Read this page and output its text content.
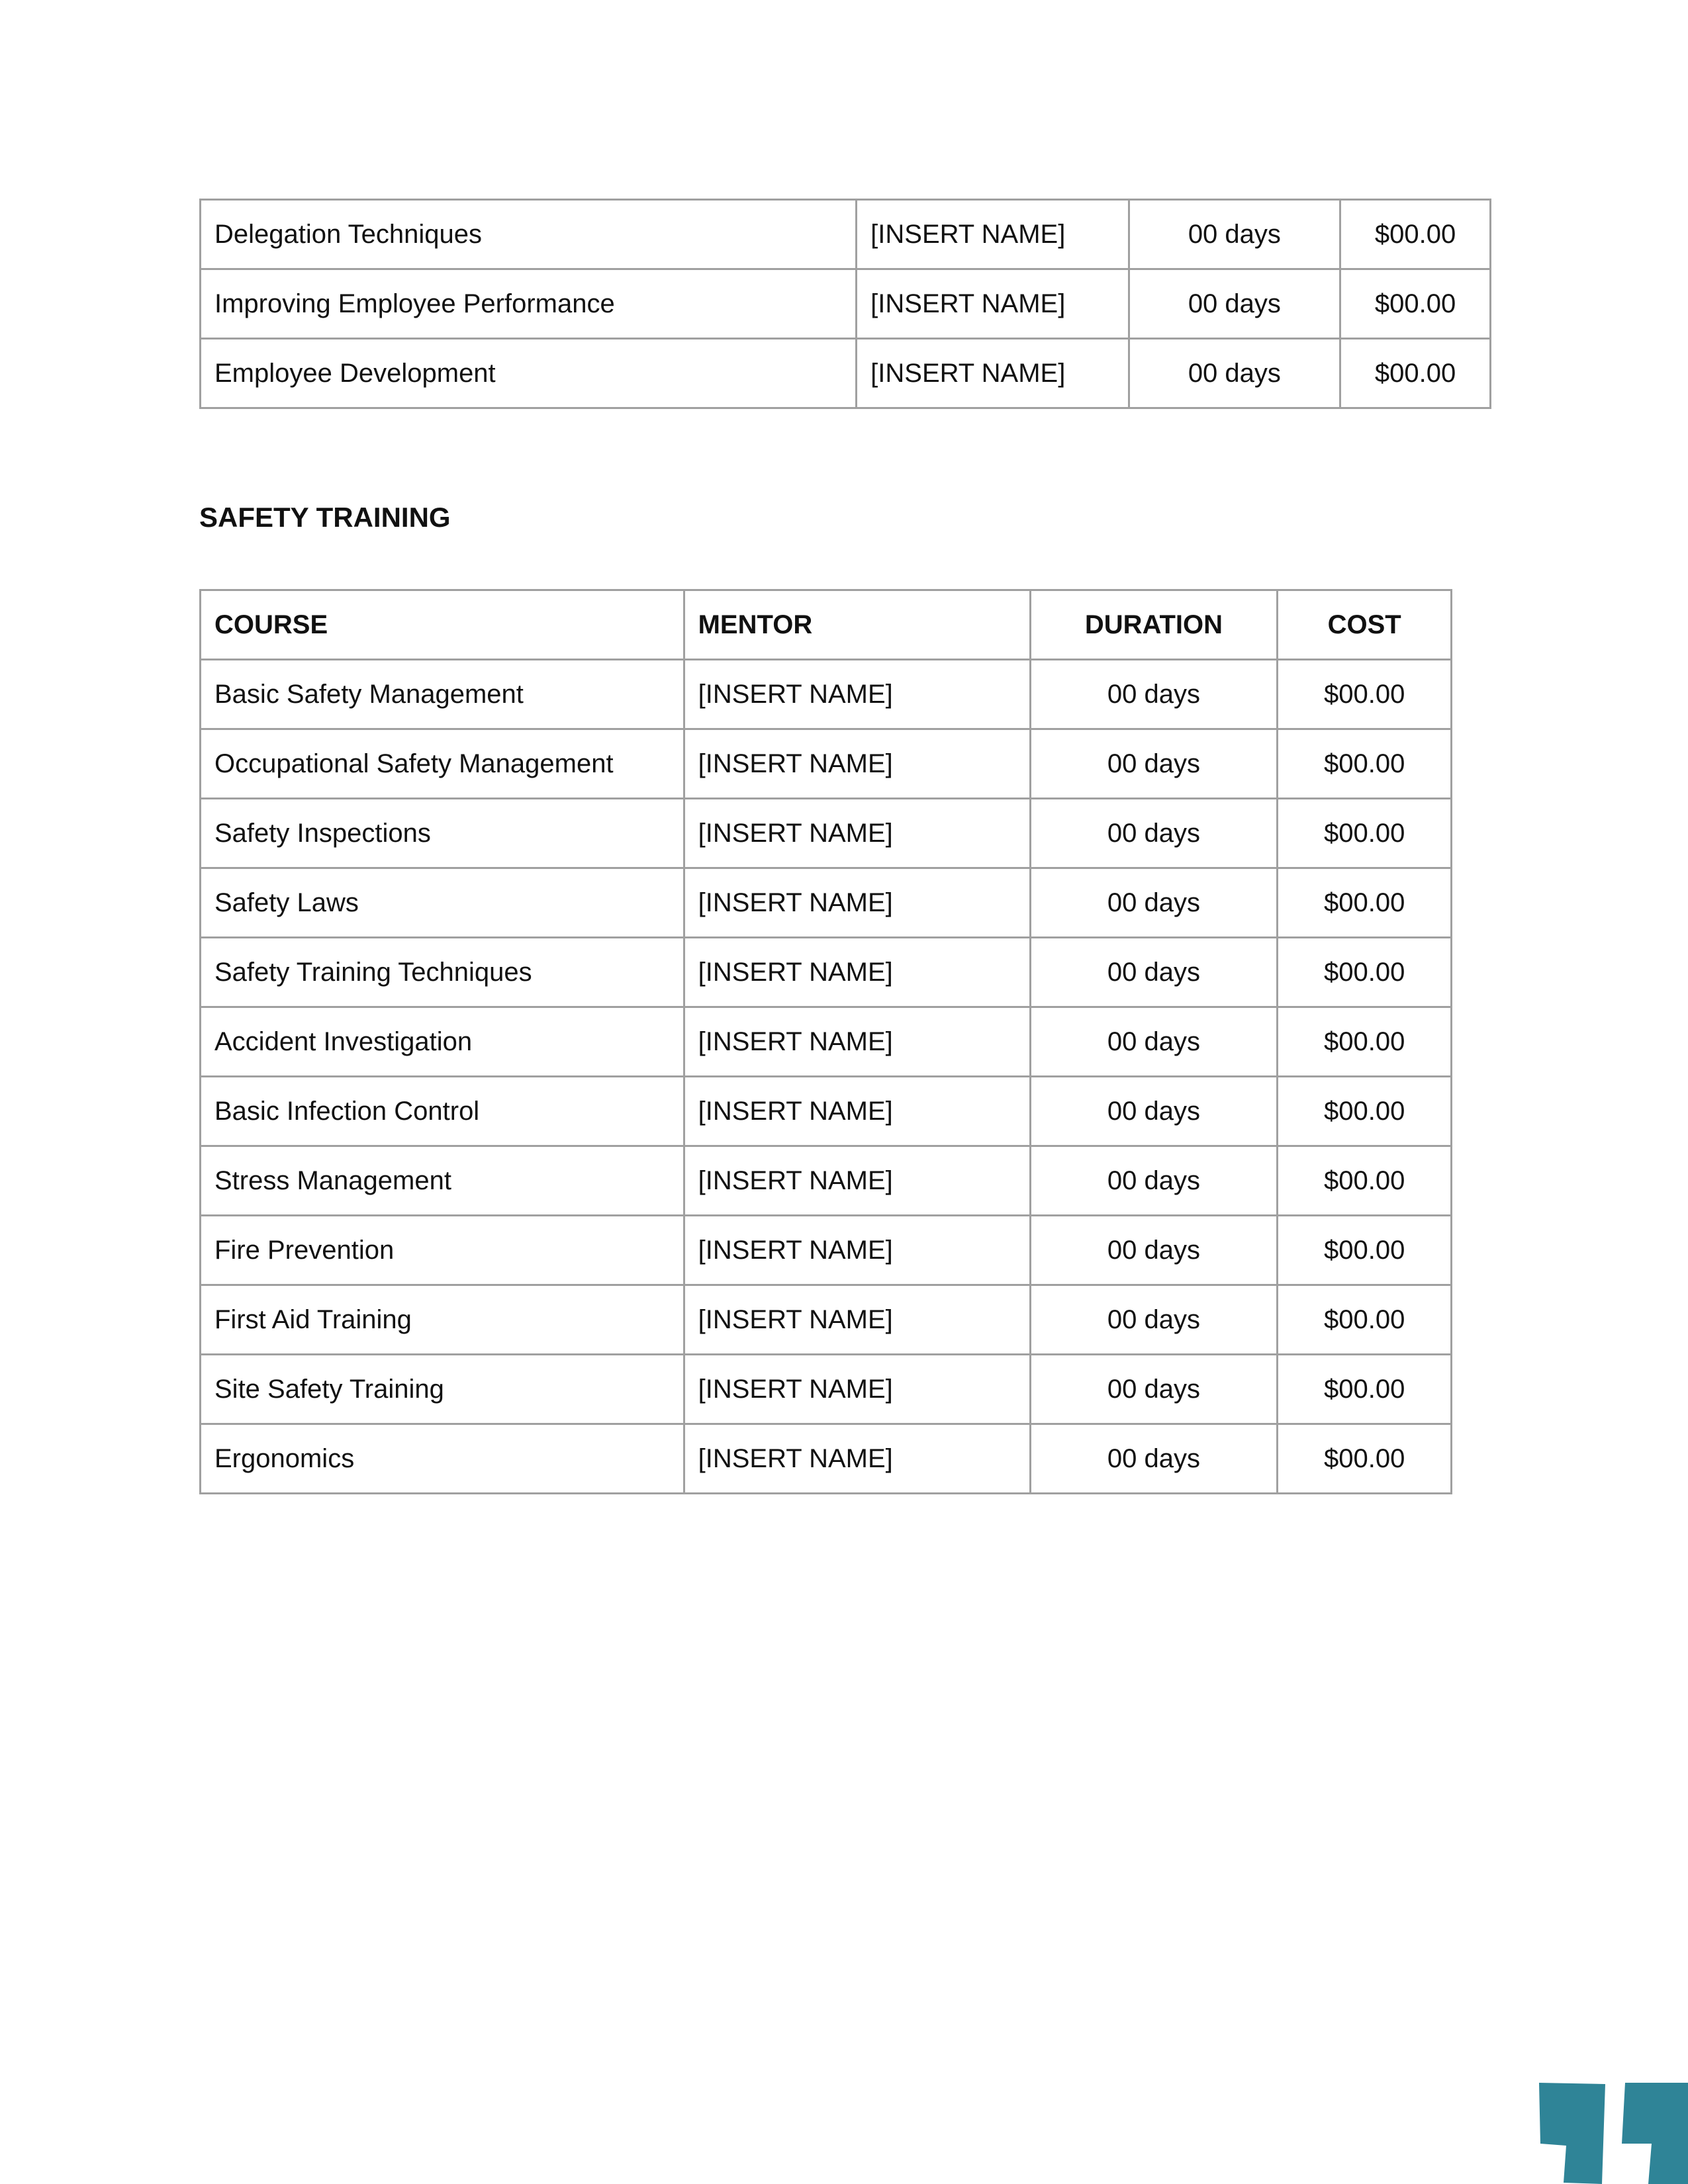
Delegation Techniques	[INSERT NAME]	00 days	$00.00
Improving Employee Performance	[INSERT NAME]	00 days	$00.00
Employee Development	[INSERT NAME]	00 days	$00.00
SAFETY TRAINING
COURSE	MENTOR	DURATION	COST
Basic Safety Management	[INSERT NAME]	00 days	$00.00
Occupational Safety Management	[INSERT NAME]	00 days	$00.00
Safety Inspections	[INSERT NAME]	00 days	$00.00
Safety Laws	[INSERT NAME]	00 days	$00.00
Safety Training Techniques	[INSERT NAME]	00 days	$00.00
Accident Investigation	[INSERT NAME]	00 days	$00.00
Basic Infection Control	[INSERT NAME]	00 days	$00.00
Stress Management	[INSERT NAME]	00 days	$00.00
Fire Prevention	[INSERT NAME]	00 days	$00.00
First Aid Training	[INSERT NAME]	00 days	$00.00
Site Safety Training	[INSERT NAME]	00 days	$00.00
Ergonomics	[INSERT NAME]	00 days	$00.00
